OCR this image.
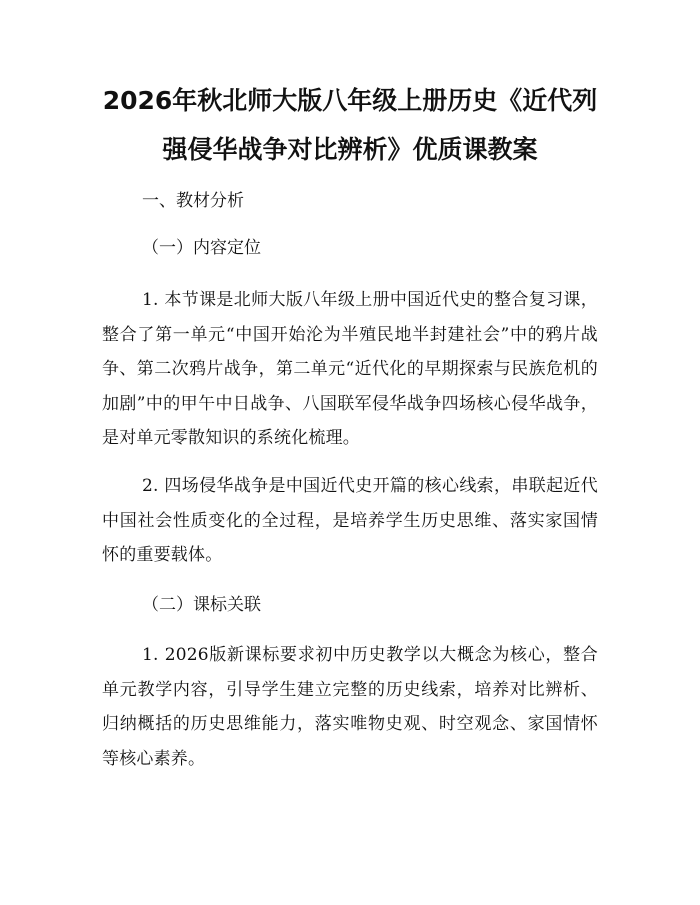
2026年秋北师大版八年级上册历史《近代列
强侵华战争对比辨析》优质课教案
一、教材分析
（一）内容定位
1. 本节课是北师大版八年级上册中国近代史的整合复习课，整合了第一单元“中国开始沦为半殖民地半封建社会”中的鸦片战争、第二次鸦片战争，第二单元“近代化的早期探索与民族危机的加剧”中的甲午中日战争、八国联军侵华战争四场核心侵华战争，是对单元零散知识的系统化梳理。
2. 四场侵华战争是中国近代史开篇的核心线索，串联起近代中国社会性质变化的全过程，是培养学生历史思维、落实家国情怀的重要载体。
（二）课标关联
1. 2026版新课标要求初中历史教学以大概念为核心，整合单元教学内容，引导学生建立完整的历史线索，培养对比辨析、归纳概括的历史思维能力，落实唯物史观、时空观念、家国情怀等核心素养。
